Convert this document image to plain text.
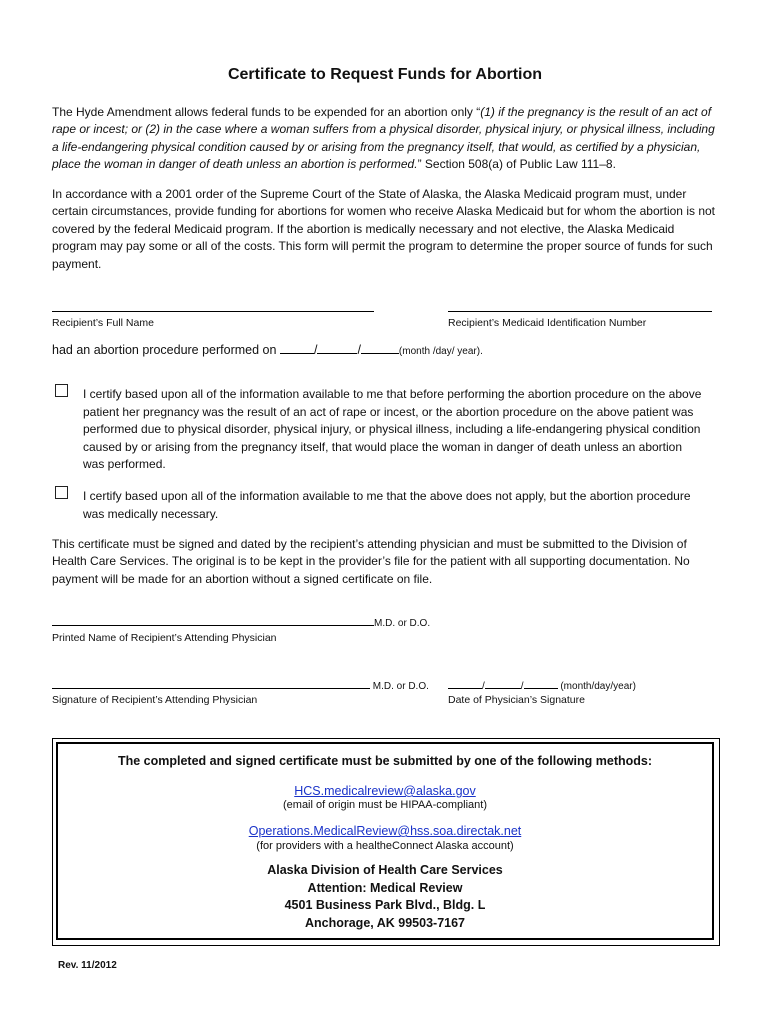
Certificate to Request Funds for Abortion
The Hyde Amendment allows federal funds to be expended for an abortion only “(1) if the pregnancy is the result of an act of rape or incest; or (2) in the case where a woman suffers from a physical disorder, physical injury, or physical illness, including a life-endangering physical condition caused by or arising from the pregnancy itself, that would, as certified by a physician, place the woman in danger of death unless an abortion is performed.” Section 508(a) of Public Law 111–8.
In accordance with a 2001 order of the Supreme Court of the State of Alaska, the Alaska Medicaid program must, under certain circumstances, provide funding for abortions for women who receive Alaska Medicaid but for whom the abortion is not covered by the federal Medicaid program. If the abortion is medically necessary and not elective, the Alaska Medicaid program may pay some or all of the costs. This form will permit the program to determine the proper source of funds for such payment.
Recipient’s Full Name	Recipient’s Medicaid Identification Number
had an abortion procedure performed on	/	/	(month /day/ year).
I certify based upon all of the information available to me that before performing the abortion procedure on the above patient her pregnancy was the result of an act of rape or incest, or the abortion procedure on the above patient was performed due to physical disorder, physical injury, or physical illness, including a life-endangering physical condition caused by or arising from the pregnancy itself, that would place the woman in danger of death unless an abortion was performed.
I certify based upon all of the information available to me that the above does not apply, but the abortion procedure was medically necessary.
This certificate must be signed and dated by the recipient’s attending physician and must be submitted to the Division of Health Care Services. The original is to be kept in the provider’s file for the patient with all supporting documentation. No payment will be made for an abortion without a signed certificate on file.
M.D. or D.O.
Printed Name of Recipient’s Attending Physician
M.D. or D.O.	/	/	(month/day/year)
Signature of Recipient’s Attending Physician	Date of Physician’s Signature
The completed and signed certificate must be submitted by one of the following methods:
HCS.medicalreview@alaska.gov
(email of origin must be HIPAA-compliant)
Operations.MedicalReview@hss.soa.directak.net
(for providers with a healtheConnect Alaska account)
Alaska Division of Health Care Services
Attention: Medical Review
4501 Business Park Blvd., Bldg. L
Anchorage, AK 99503-7167
Rev. 11/2012
